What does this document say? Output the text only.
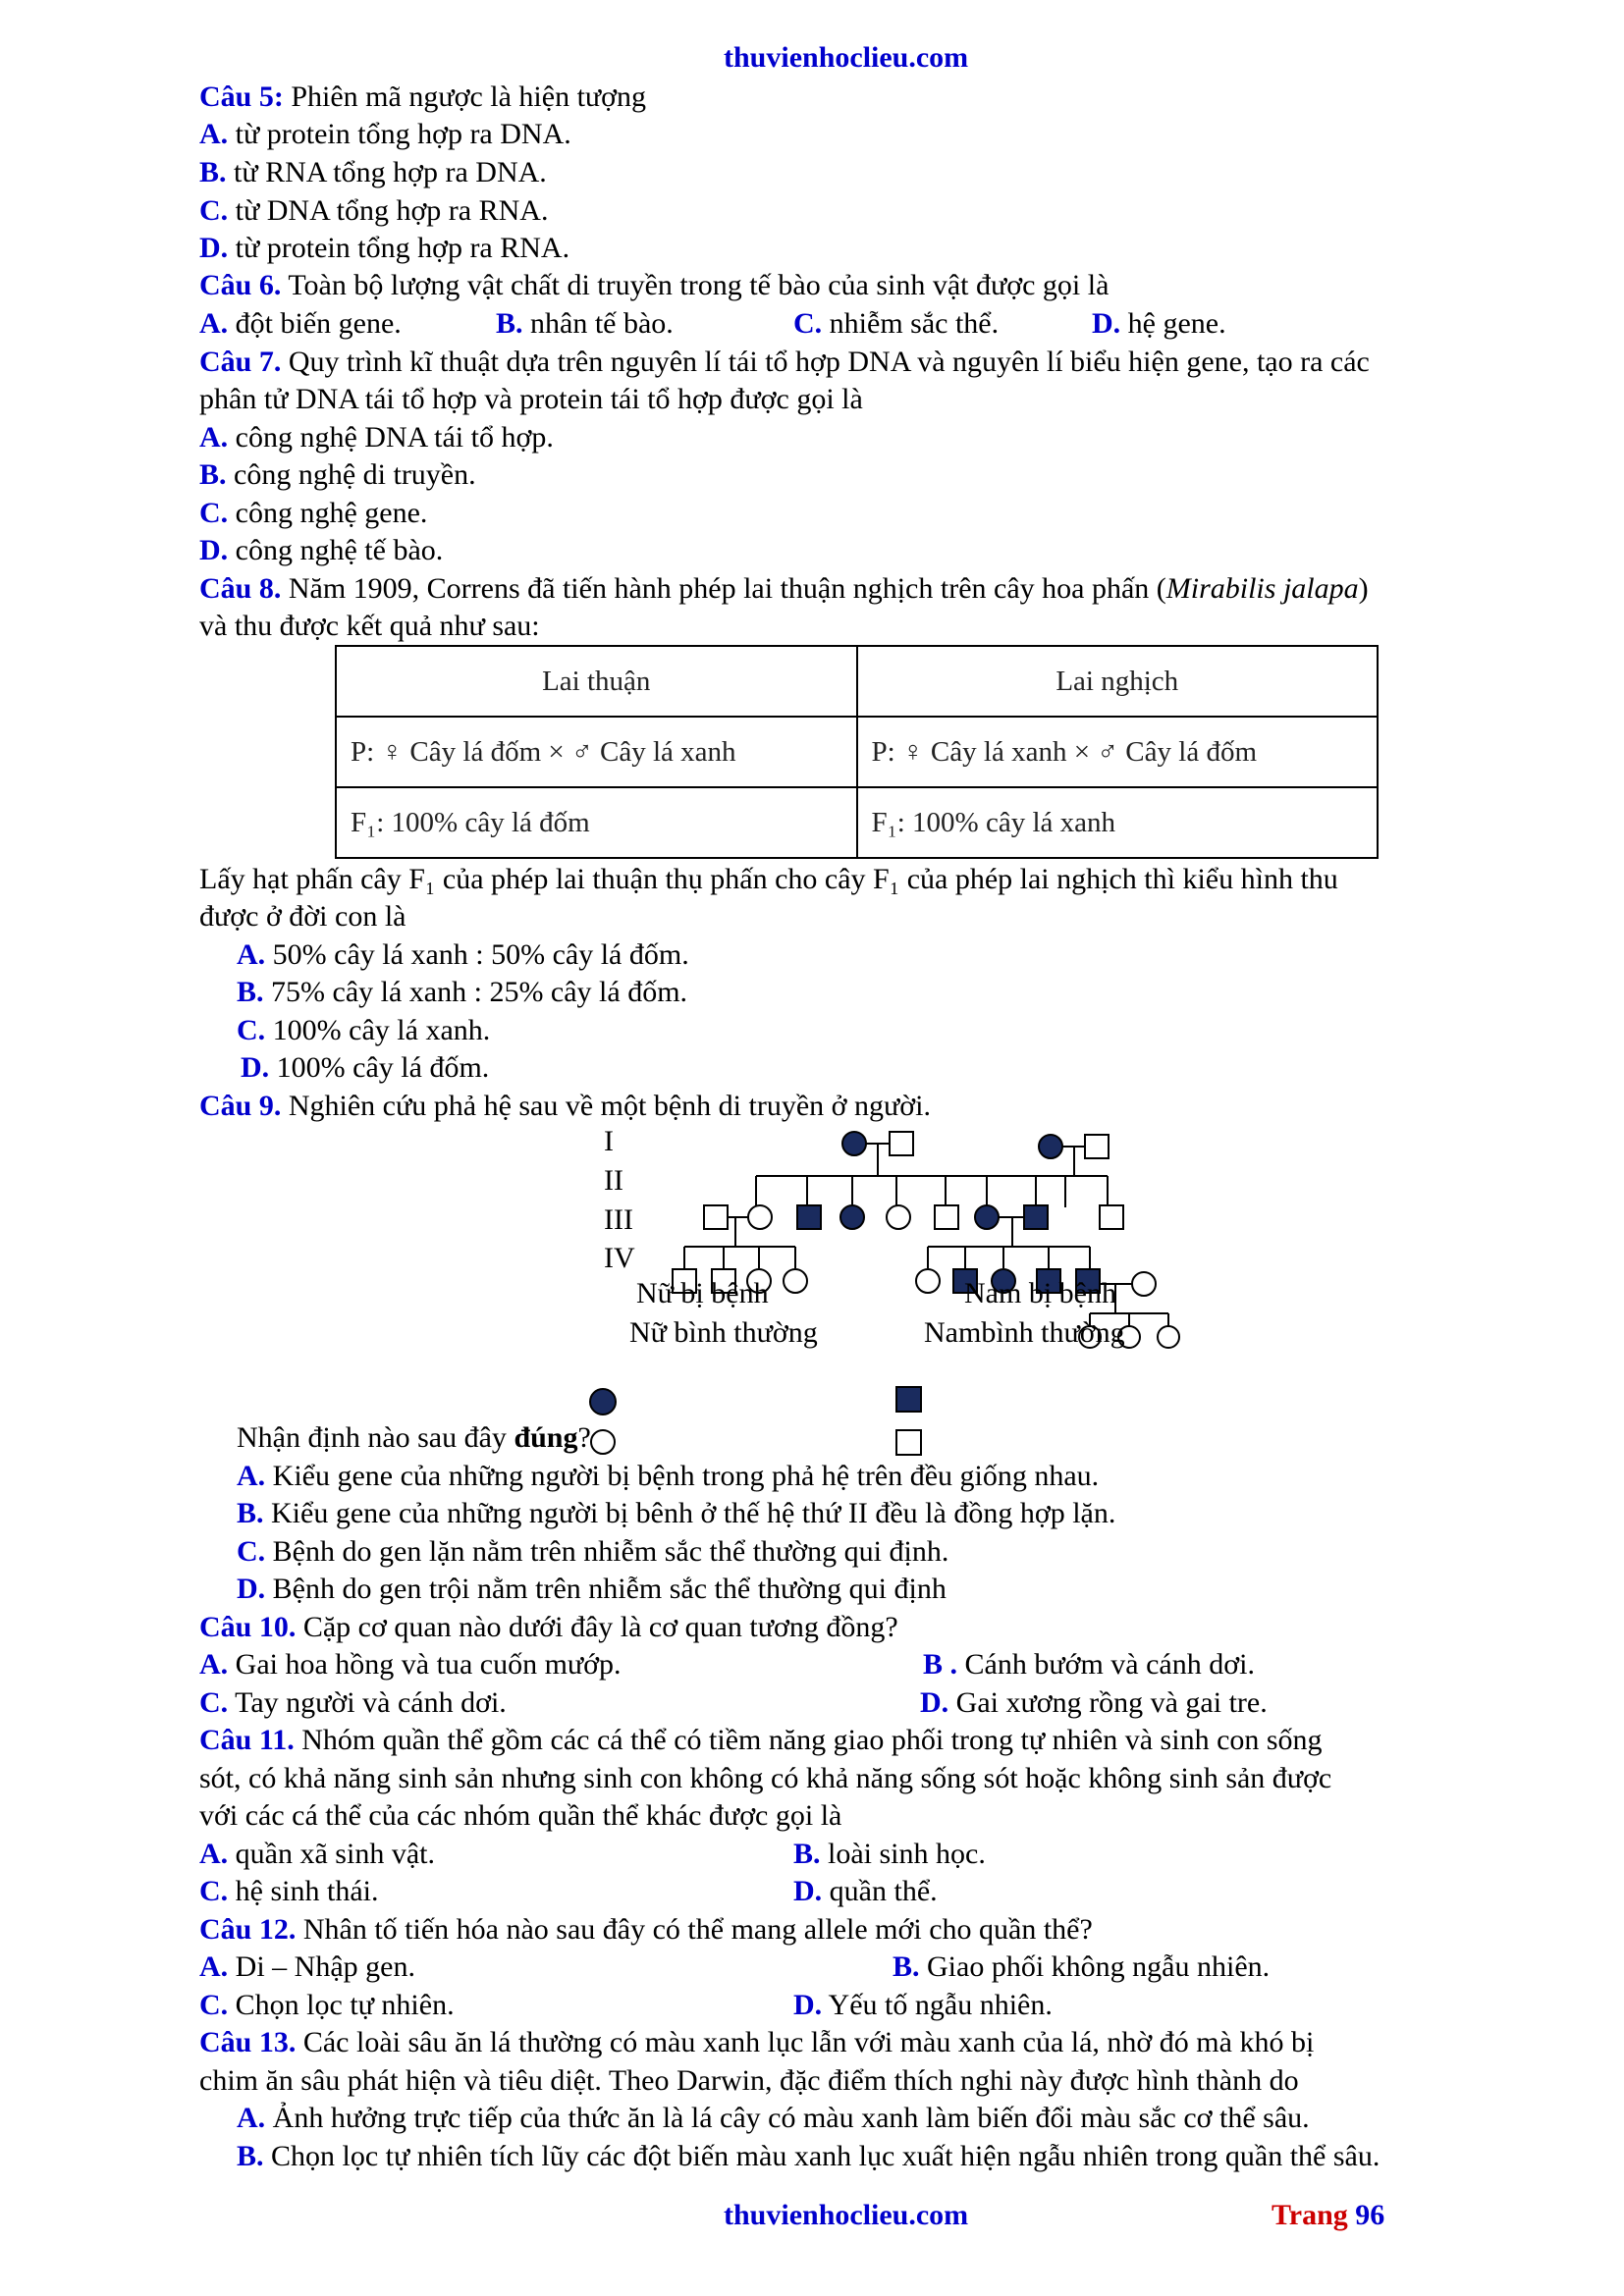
thuvienhoclieu.com
Câu 5: Phiên mã ngược là hiện tượng
A. từ protein tổng hợp ra DNA.
B. từ RNA tổng hợp ra DNA.
C. từ DNA tổng hợp ra RNA.
D. từ protein tổng hợp ra RNA.
Câu 6. Toàn bộ lượng vật chất di truyền trong tế bào của sinh vật được gọi là
A. đột biến gene.	B. nhân tế bào.	C. nhiễm sắc thể.	D. hệ gene.
Câu 7. Quy trình kĩ thuật dựa trên nguyên lí tái tổ hợp DNA và nguyên lí biểu hiện gene, tạo ra các
phân tử DNA tái tổ hợp và protein tái tổ hợp được gọi là
A. công nghệ DNA tái tổ hợp.
B. công nghệ di truyền.
C. công nghệ gene.
D. công nghệ tế bào.
Câu 8. Năm 1909, Correns đã tiến hành phép lai thuận nghịch trên cây hoa phấn (Mirabilis jalapa)
và thu được kết quả như sau:
Lai thuận	Lai nghịch
P: ♀ Cây lá đốm × ♂ Cây lá xanh	P: ♀ Cây lá xanh × ♂ Cây lá đốm
F₁: 100% cây lá đốm	F₁: 100% cây lá xanh
Lấy hạt phấn cây F₁ của phép lai thuận thụ phấn cho cây F₁ của phép lai nghịch thì kiểu hình thu
được ở đời con là
A. 50% cây lá xanh : 50% cây lá đốm.
B. 75% cây lá xanh : 25% cây lá đốm.
C. 100% cây lá xanh.
D. 100% cây lá đốm.
Câu 9. Nghiên cứu phả hệ sau về một bệnh di truyền ở người.
I
II
III
IV
Nữ bị bệnh	Nam bị bệnh
Nữ bình thường	Nambình thường
Nhận định nào sau đây đúng?
A. Kiểu gene của những người bị bệnh trong phả hệ trên đều giống nhau.
B. Kiểu gene của những người bị bênh ở thế hệ thứ II đều là đồng hợp lặn.
C. Bệnh do gen lặn nằm trên nhiễm sắc thể thường qui định.
D. Bệnh do gen trội nằm trên nhiễm sắc thể thường qui định
Câu 10. Cặp cơ quan nào dưới đây là cơ quan tương đồng?
A. Gai hoa hồng và tua cuốn mướp.	B . Cánh bướm và cánh dơi.
C. Tay người và cánh dơi.	D. Gai xương rồng và gai tre.
Câu 11. Nhóm quần thể gồm các cá thể có tiềm năng giao phối trong tự nhiên và sinh con sống
sót, có khả năng sinh sản nhưng sinh con không có khả năng sống sót hoặc không sinh sản được
với các cá thể của các nhóm quần thể khác được gọi là
A. quần xã sinh vật.	B. loài sinh học.
C. hệ sinh thái.	D. quần thể.
Câu 12. Nhân tố tiến hóa nào sau đây có thể mang allele mới cho quần thể?
A. Di – Nhập gen.	B. Giao phối không ngẫu nhiên.
C. Chọn lọc tự nhiên.	D. Yếu tố ngẫu nhiên.
Câu 13. Các loài sâu ăn lá thường có màu xanh lục lẫn với màu xanh của lá, nhờ đó mà khó bị
chim ăn sâu phát hiện và tiêu diệt. Theo Darwin, đặc điểm thích nghi này được hình thành do
A. Ảnh hưởng trực tiếp của thức ăn là lá cây có màu xanh làm biến đổi màu sắc cơ thể sâu.
B. Chọn lọc tự nhiên tích lũy các đột biến màu xanh lục xuất hiện ngẫu nhiên trong quần thể sâu.
thuvienhoclieu.com	Trang 96
